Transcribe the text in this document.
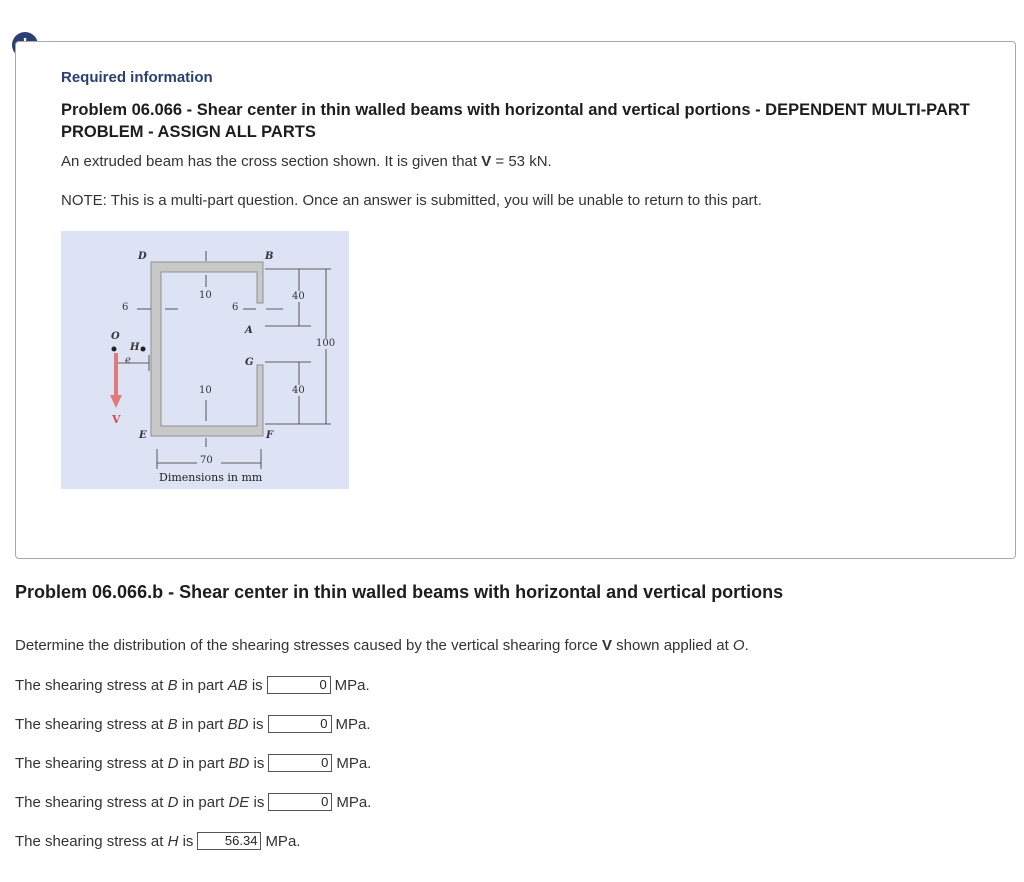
Required information
Problem 06.066 - Shear center in thin walled beams with horizontal and vertical portions - DEPENDENT MULTI-PART PROBLEM - ASSIGN ALL PARTS
An extruded beam has the cross section shown. It is given that V = 53 kN.
NOTE: This is a multi-part question. Once an answer is submitted, you will be unable to return to this part.
D	B
A
G
H
O
E	F
V
e
6	6
10
10
40
40
100
70
Dimensions in mm
Problem 06.066.b - Shear center in thin walled beams with horizontal and vertical portions
Determine the distribution of the shearing stresses caused by the vertical shearing force V shown applied at O.
The shearing stress at
B
in part
AB
is	0 MPa.
The shearing stress at
B
in part
BD
is	0 MPa.
The shearing stress at
D
in part
BD
is	0 MPa.
The shearing stress at
D
in part
DE
is	0 MPa.
The shearing stress at
H
is	56.34 MPa.
